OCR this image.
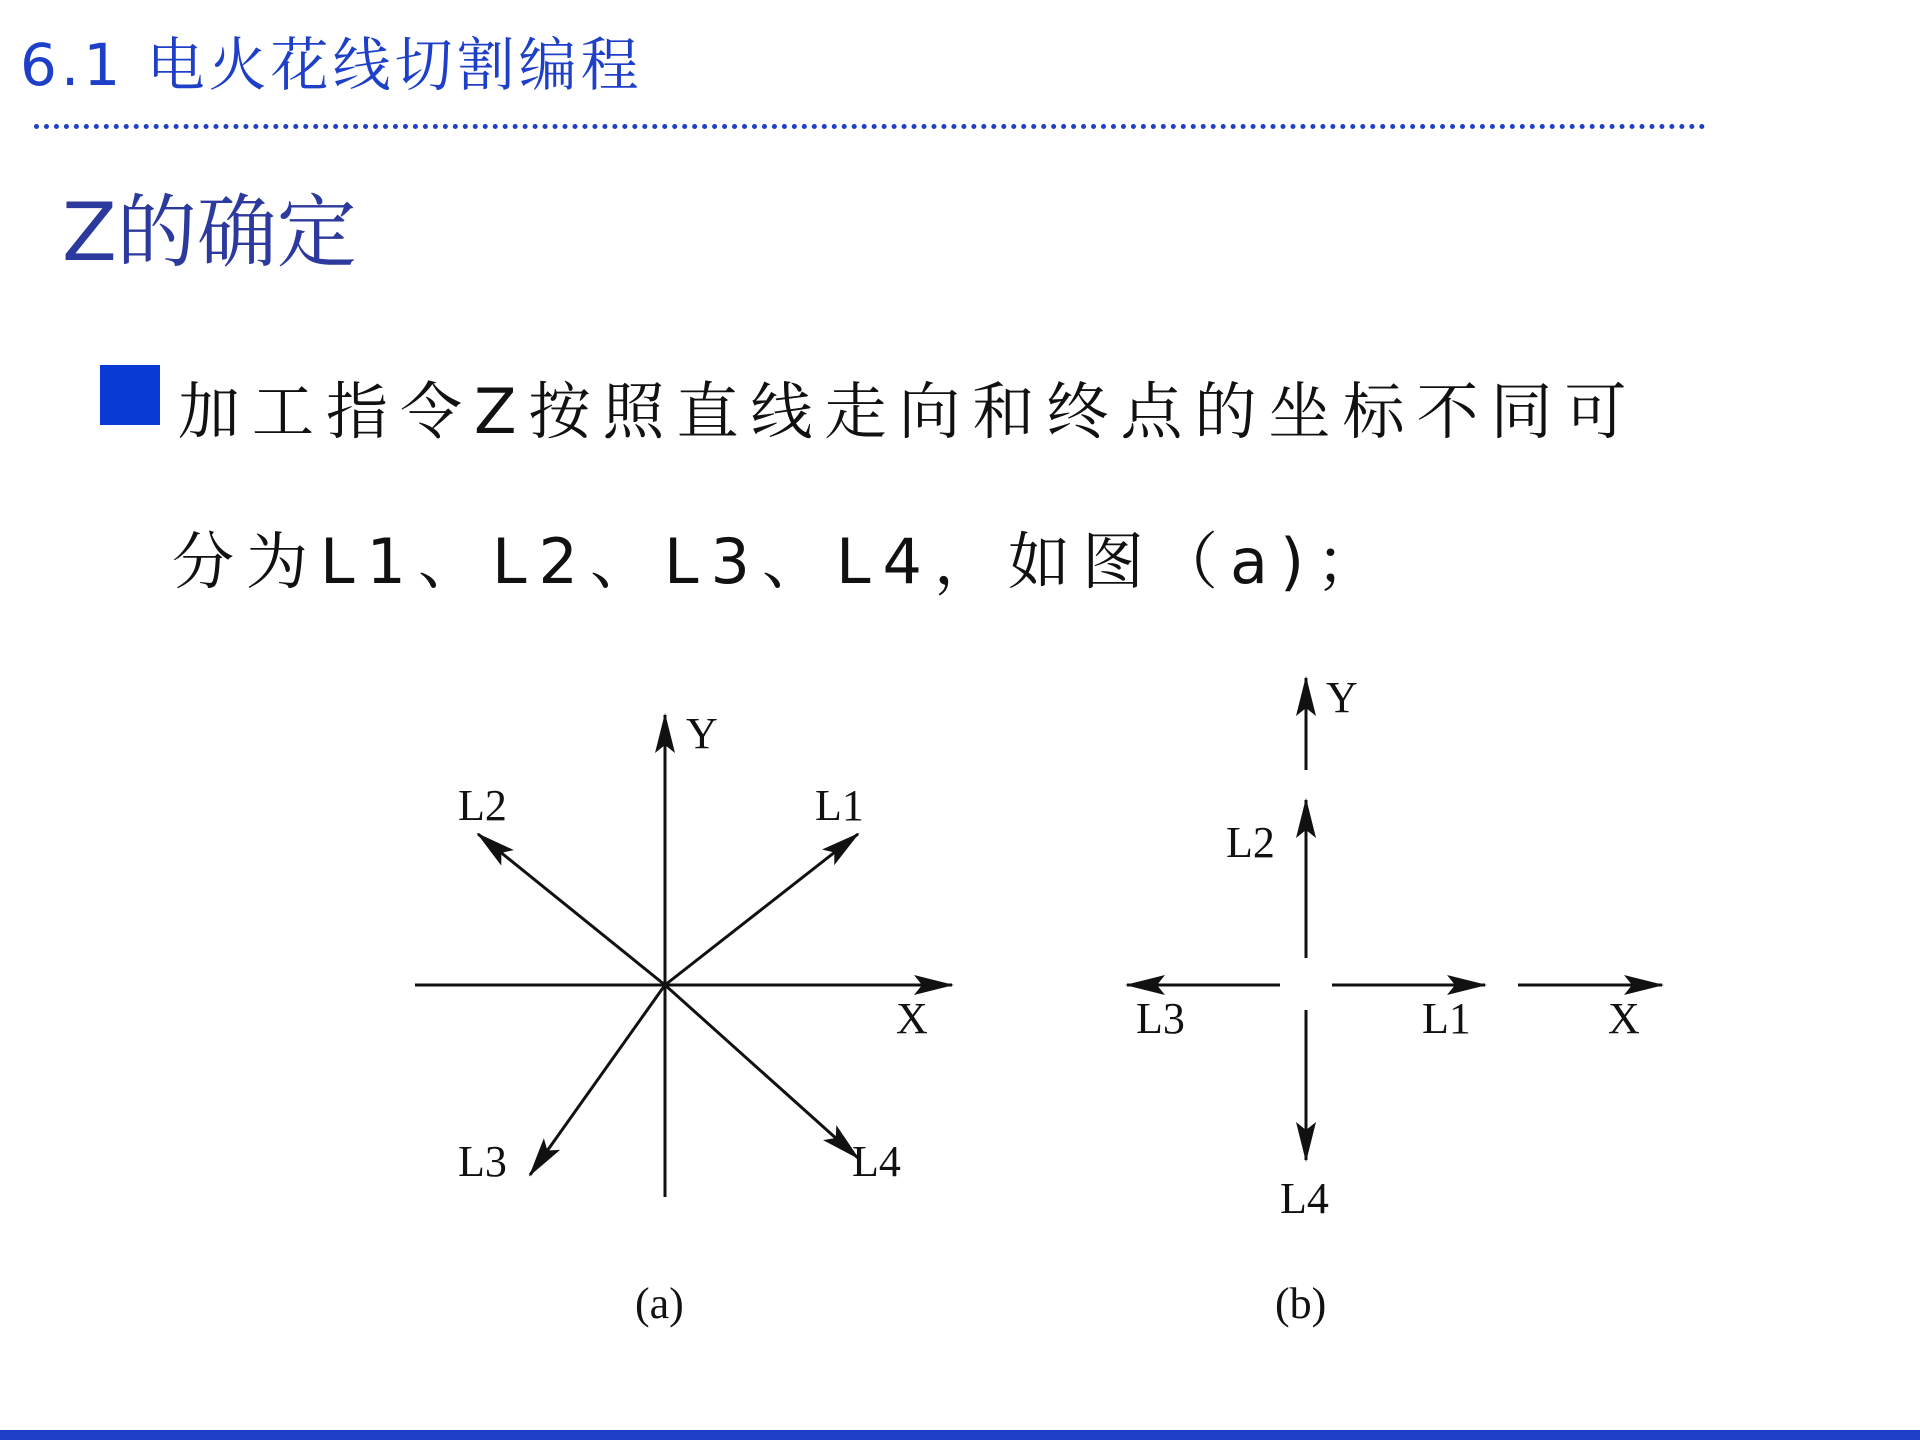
6.1 电火花线切割编程
Z的确定
加工指令Z按照直线走向和终点的坐标不同可
分为L1、L2、L3、L4，如图（a)；
Y
X
L1
L2
L3	L4
(a)
Y
X
L1
L2
L3
L4
(b)
